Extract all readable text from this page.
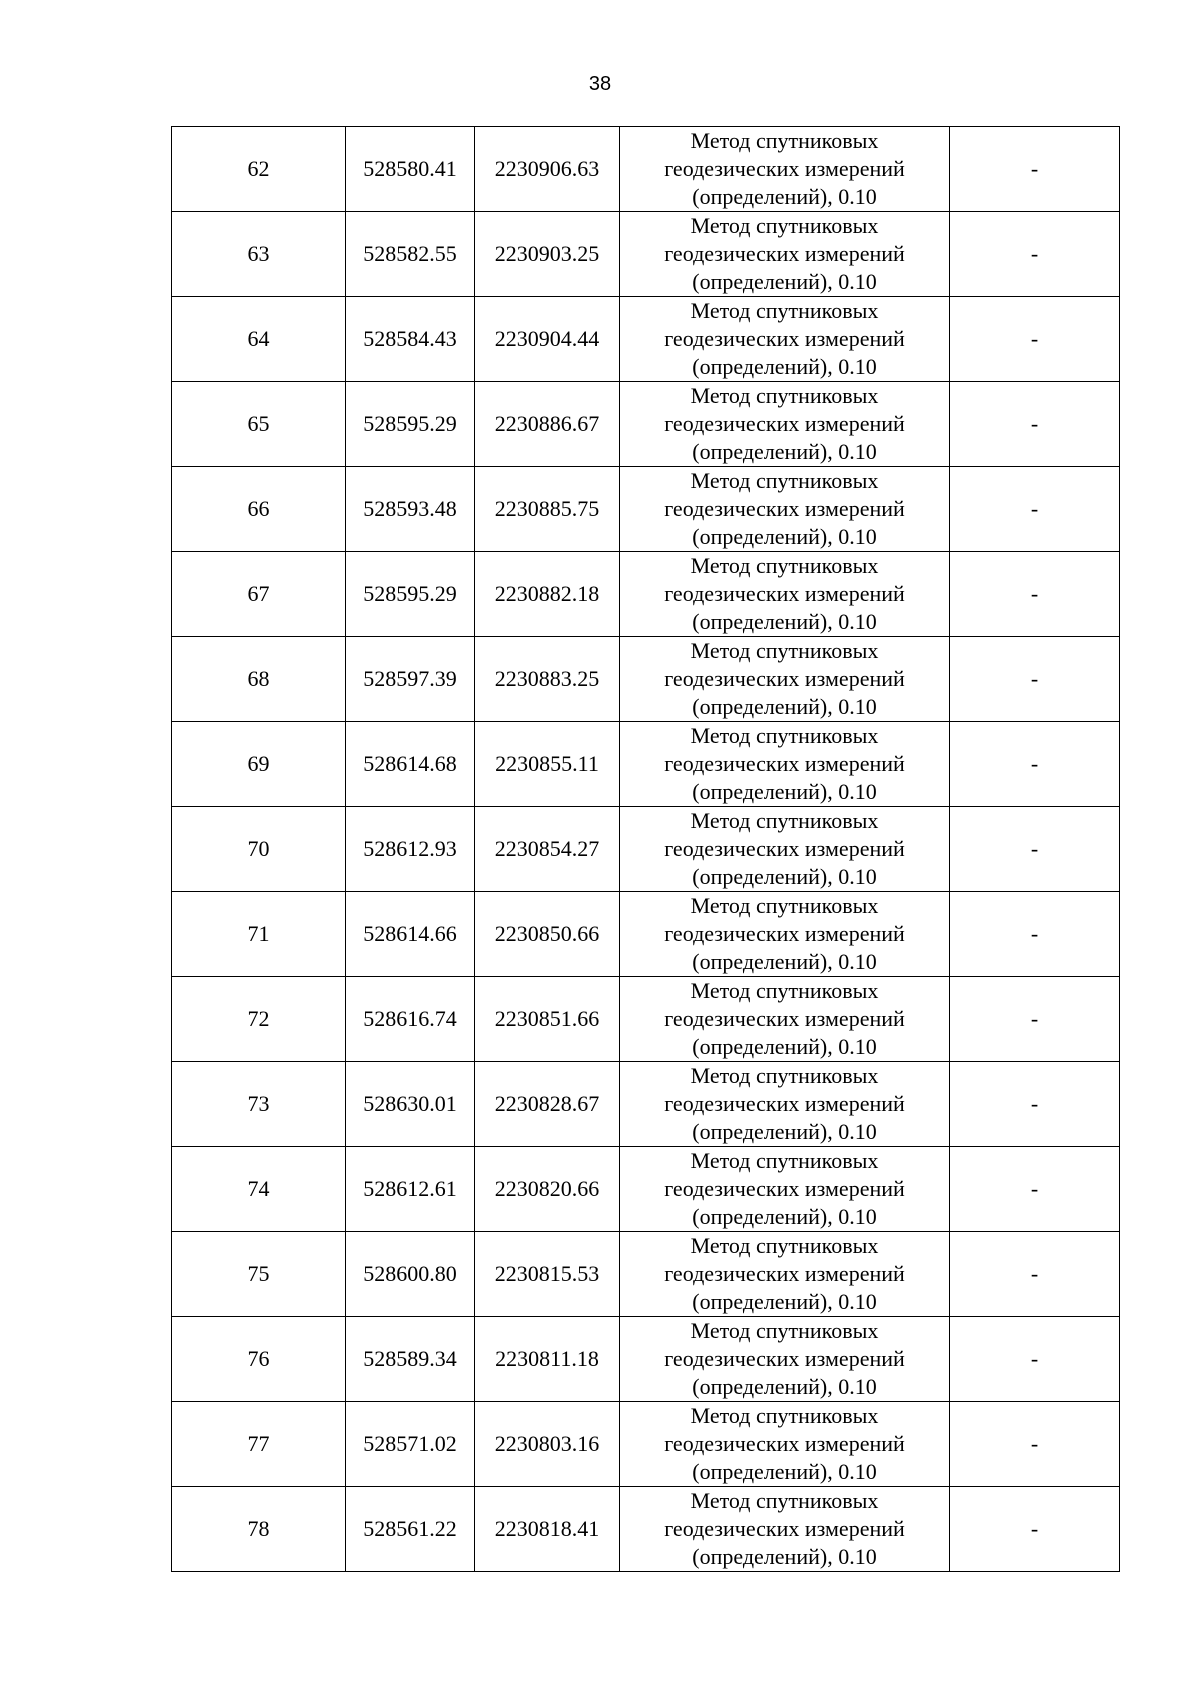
38
62	528580.41	2230906.63	Метод спутниковых
геодезических измерений
(определений), 0.10	-
63	528582.55	2230903.25	Метод спутниковых
геодезических измерений
(определений), 0.10	-
64	528584.43	2230904.44	Метод спутниковых
геодезических измерений
(определений), 0.10	-
65	528595.29	2230886.67	Метод спутниковых
геодезических измерений
(определений), 0.10	-
66	528593.48	2230885.75	Метод спутниковых
геодезических измерений
(определений), 0.10	-
67	528595.29	2230882.18	Метод спутниковых
геодезических измерений
(определений), 0.10	-
68	528597.39	2230883.25	Метод спутниковых
геодезических измерений
(определений), 0.10	-
69	528614.68	2230855.11	Метод спутниковых
геодезических измерений
(определений), 0.10	-
70	528612.93	2230854.27	Метод спутниковых
геодезических измерений
(определений), 0.10	-
71	528614.66	2230850.66	Метод спутниковых
геодезических измерений
(определений), 0.10	-
72	528616.74	2230851.66	Метод спутниковых
геодезических измерений
(определений), 0.10	-
73	528630.01	2230828.67	Метод спутниковых
геодезических измерений
(определений), 0.10	-
74	528612.61	2230820.66	Метод спутниковых
геодезических измерений
(определений), 0.10	-
75	528600.80	2230815.53	Метод спутниковых
геодезических измерений
(определений), 0.10	-
76	528589.34	2230811.18	Метод спутниковых
геодезических измерений
(определений), 0.10	-
77	528571.02	2230803.16	Метод спутниковых
геодезических измерений
(определений), 0.10	-
78	528561.22	2230818.41	Метод спутниковых
геодезических измерений
(определений), 0.10	-
